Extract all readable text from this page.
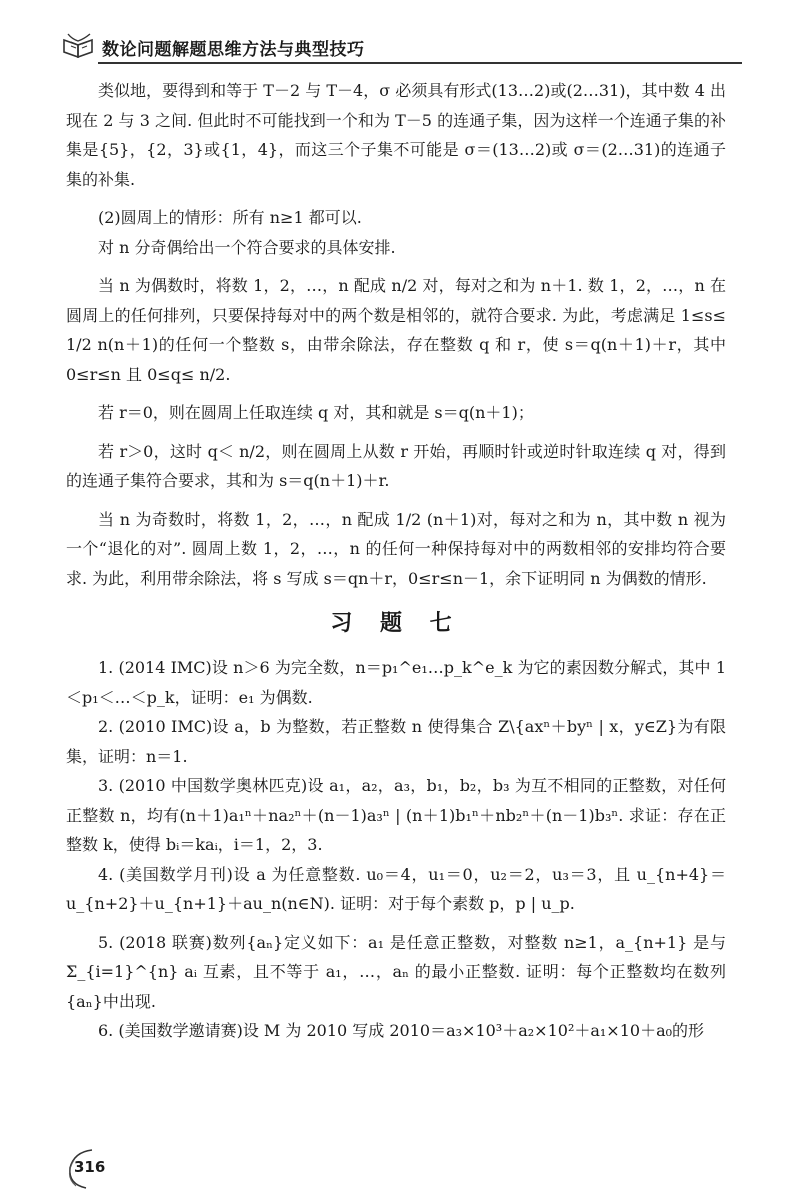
数论问题解题思维方法与典型技巧

类似地，要得到和等于 T－2 与 T－4，σ 必须具有形式(13…2)或(2…31)，其中数 4 出现在 2 与 3 之间. 但此时不可能找到一个和为 T－5 的连通子集，因为这样一个连通子集的补集是{5}，{2，3}或{1，4}，而这三个子集不可能是 σ＝(13…2)或 σ＝(2…31)的连通子集的补集.

(2)圆周上的情形：所有 n≥1 都可以.

对 n 分奇偶给出一个符合要求的具体安排.

当 n 为偶数时，将数 1，2，…，n 配成 n/2 对，每对之和为 n＋1. 数 1，2，…，n 在圆周上的任何排列，只要保持每对中的两个数是相邻的，就符合要求. 为此，考虑满足 1≤s≤ 1/2 n(n＋1)的任何一个整数 s，由带余除法，存在整数 q 和 r，使 s＝q(n＋1)＋r，其中 0≤r≤n 且 0≤q≤ n/2.

若 r＝0，则在圆周上任取连续 q 对，其和就是 s＝q(n＋1)；

若 r＞0，这时 q＜ n/2，则在圆周上从数 r 开始，再顺时针或逆时针取连续 q 对，得到的连通子集符合要求，其和为 s＝q(n＋1)＋r.

当 n 为奇数时，将数 1，2，…，n 配成 1/2 (n＋1)对，每对之和为 n，其中数 n 视为一个“退化的对”. 圆周上数 1，2，…，n 的任何一种保持每对中的两数相邻的安排均符合要求. 为此，利用带余除法，将 s 写成 s＝qn＋r，0≤r≤n－1，余下证明同 n 为偶数的情形.

习 题 七

1. (2014 IMC)设 n＞6 为完全数，n＝p₁^e₁…p_k^e_k 为它的素因数分解式，其中 1＜p₁＜…＜p_k，证明：e₁ 为偶数.

2. (2010 IMC)设 a，b 为整数，若正整数 n 使得集合 Z\{axⁿ＋byⁿ | x，y∈Z}为有限集，证明：n＝1.

3. (2010 中国数学奥林匹克)设 a₁，a₂，a₃，b₁，b₂，b₃ 为互不相同的正整数，对任何正整数 n，均有(n＋1)a₁ⁿ＋na₂ⁿ＋(n－1)a₃ⁿ | (n＋1)b₁ⁿ＋nb₂ⁿ＋(n－1)b₃ⁿ. 求证：存在正整数 k，使得 bᵢ＝kaᵢ，i＝1，2，3.

4. (美国数学月刊)设 a 为任意整数. u₀＝4，u₁＝0，u₂＝2，u₃＝3，且 u_{n+4}＝u_{n+2}＋u_{n+1}＋au_n(n∈N). 证明：对于每个素数 p，p | u_p.

5. (2018 联赛)数列{aₙ}定义如下：a₁ 是任意正整数，对整数 n≥1，a_{n+1} 是与 Σ_{i=1}^{n} aᵢ 互素，且不等于 a₁，…，aₙ 的最小正整数. 证明：每个正整数均在数列{aₙ}中出现.

6. (美国数学邀请赛)设 M 为 2010 写成 2010＝a₃×10³＋a₂×10²＋a₁×10＋a₀的形

316
